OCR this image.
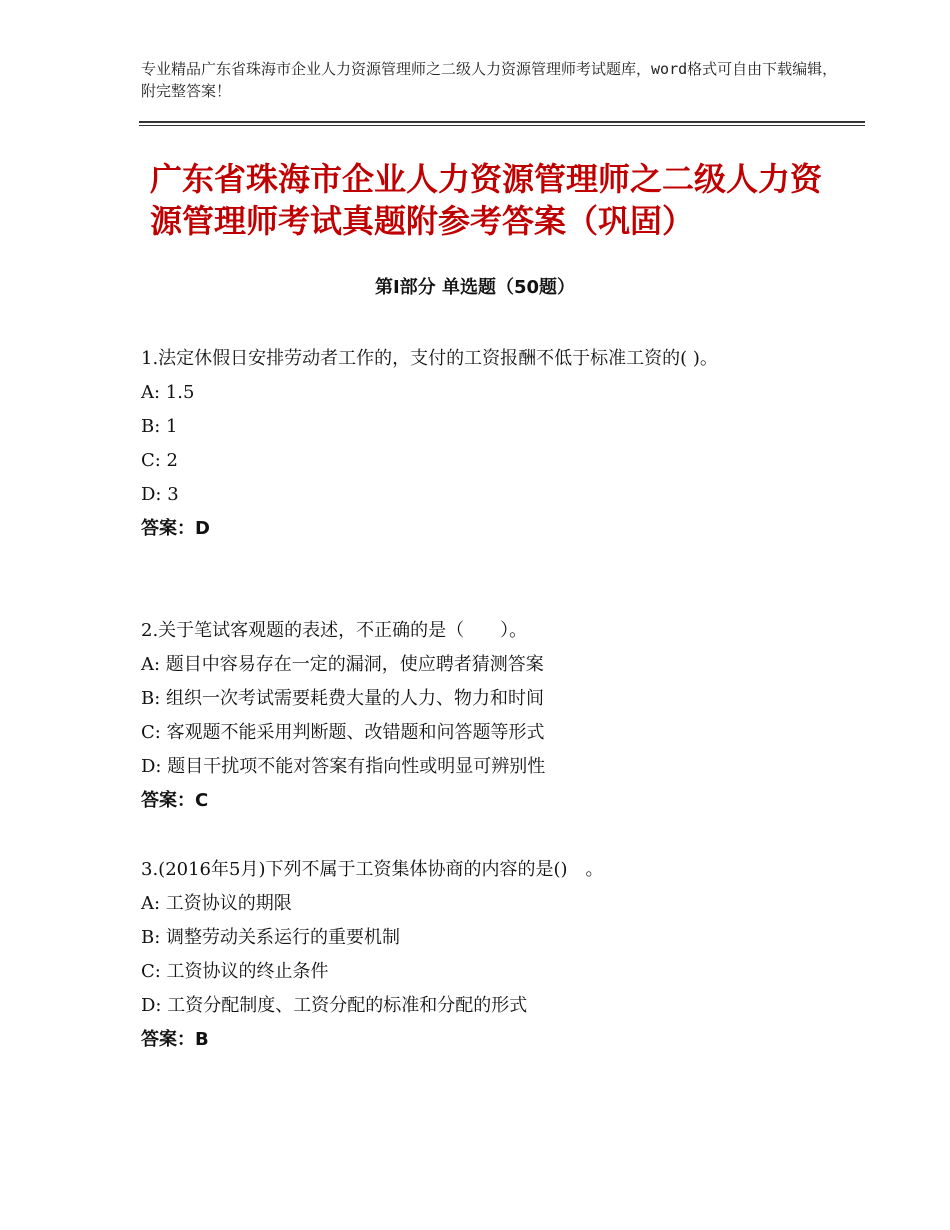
专业精品广东省珠海市企业人力资源管理师之二级人力资源管理师考试题库，word格式可自由下载编辑，附完整答案！
广东省珠海市企业人力资源管理师之二级人力资源管理师考试真题附参考答案（巩固）
第Ⅰ部分 单选题（50题）
1.法定休假日安排劳动者工作的，支付的工资报酬不低于标准工资的( )。
A: 1.5
B: 1
C: 2
D: 3
答案：D
2.关于笔试客观题的表述，不正确的是（　　）。
A: 题目中容易存在一定的漏洞，使应聘者猜测答案
B: 组织一次考试需要耗费大量的人力、物力和时间
C: 客观题不能采用判断题、改错题和问答题等形式
D: 题目干扰项不能对答案有指向性或明显可辨别性
答案：C
3.(2016年5月)下列不属于工资集体协商的内容的是()　。
A: 工资协议的期限
B: 调整劳动关系运行的重要机制
C: 工资协议的终止条件
D: 工资分配制度、工资分配的标准和分配的形式
答案：B
